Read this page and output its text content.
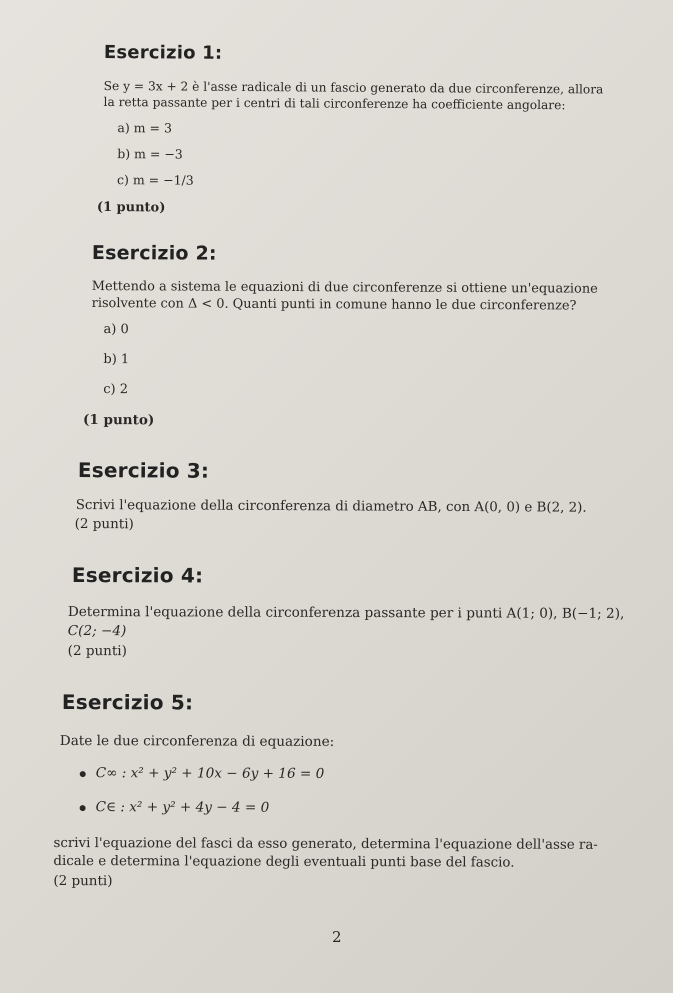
Esercizio 1:

Se y = 3x + 2 è l'asse radicale di un fascio generato da due circonferenze, allora

la retta passante per i centri di tali circonferenze ha coefficiente angolare:

a) m = 3

b) m = −3

c) m = −1/3

(1 punto)

Esercizio 2:

Mettendo a sistema le equazioni di due circonferenze si ottiene un'equazione

risolvente con Δ < 0. Quanti punti in comune hanno le due circonferenze?

a) 0

b) 1

c) 2

(1 punto)

Esercizio 3:

Scrivi l'equazione della circonferenza di diametro AB, con A(0, 0) e B(2, 2).

(2 punti)

Esercizio 4:

Determina l'equazione della circonferenza passante per i punti A(1; 0), B(−1; 2),

C(2; −4)

(2 punti)

Esercizio 5:

Date le due circonferenza di equazione:

C∞ : x² + y² + 10x − 6y + 16 = 0

C∈ : x² + y² + 4y − 4 = 0

scrivi l'equazione del fasci da esso generato, determina l'equazione dell'asse ra-

dicale e determina l'equazione degli eventuali punti base del fascio.

(2 punti)

2
